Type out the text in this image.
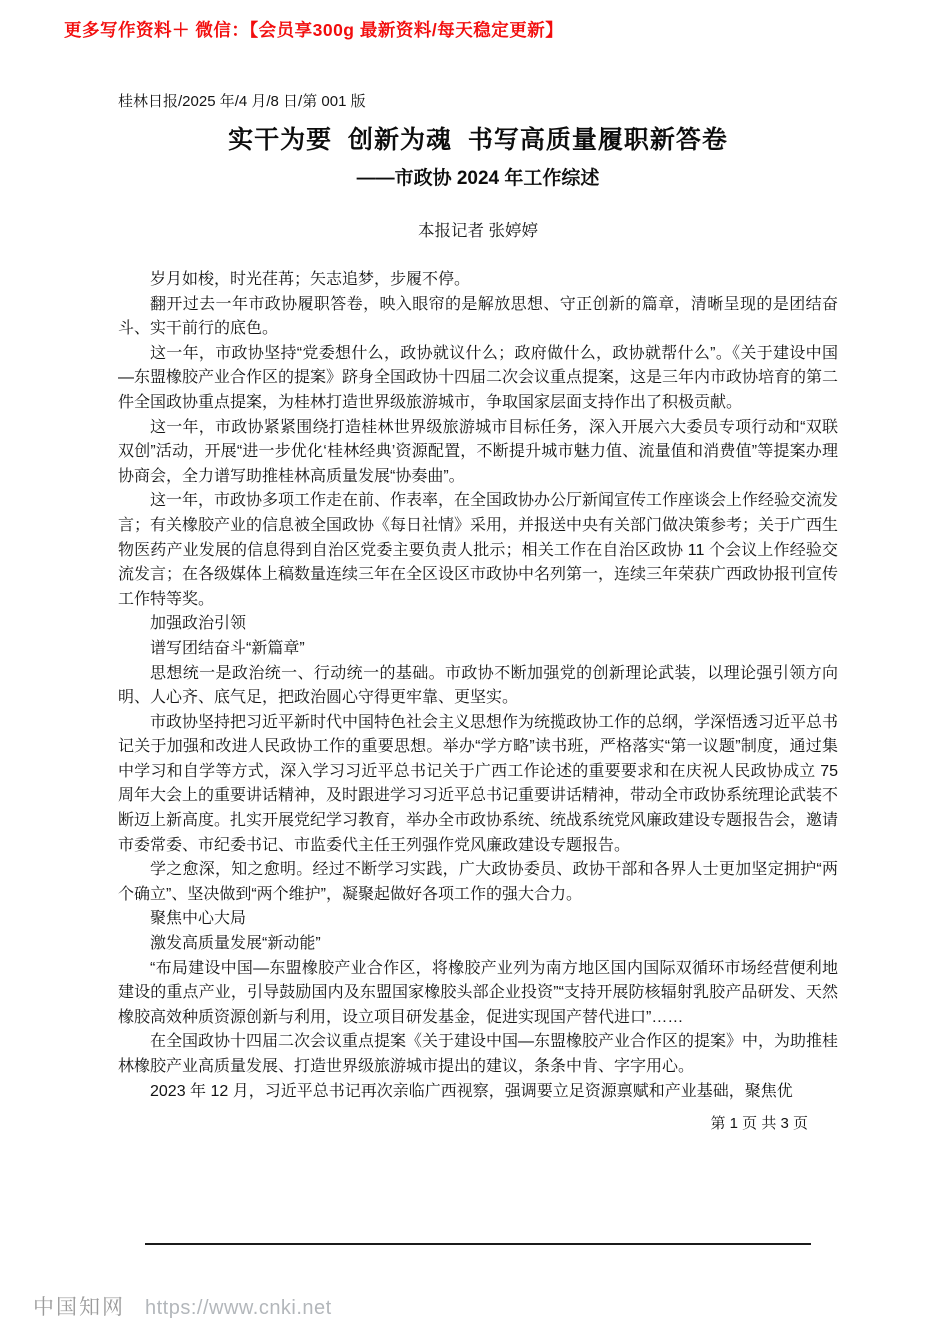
更多写作资料＋ 微信：【会员享300g 最新资料/每天稳定更新】
桂林日报/2025 年/4 月/8 日/第 001 版
实干为要  创新为魂  书写高质量履职新答卷
——市政协 2024 年工作综述
本报记者 张婷婷

岁月如梭，时光荏苒；矢志追梦，步履不停。

翻开过去一年市政协履职答卷，映入眼帘的是解放思想、守正创新的篇章，清晰呈现的是团结奋斗、实干前行的底色。

这一年，市政协坚持“党委想什么，政协就议什么；政府做什么，政协就帮什么”。《关于建设中国—东盟橡胶产业合作区的提案》跻身全国政协十四届二次会议重点提案，这是三年内市政协培育的第二件全国政协重点提案，为桂林打造世界级旅游城市，争取国家层面支持作出了积极贡献。

这一年，市政协紧紧围绕打造桂林世界级旅游城市目标任务，深入开展六大委员专项行动和“双联双创”活动，开展“进一步优化‘桂林经典’资源配置，不断提升城市魅力值、流量值和消费值”等提案办理协商会，全力谱写助推桂林高质量发展“协奏曲”。

这一年，市政协多项工作走在前、作表率，在全国政协办公厅新闻宣传工作座谈会上作经验交流发言；有关橡胶产业的信息被全国政协《每日社情》采用，并报送中央有关部门做决策参考；关于广西生物医药产业发展的信息得到自治区党委主要负责人批示；相关工作在自治区政协 11 个会议上作经验交流发言；在各级媒体上稿数量连续三年在全区设区市政协中名列第一，连续三年荣获广西政协报刊宣传工作特等奖。

加强政治引领

谱写团结奋斗“新篇章”

思想统一是政治统一、行动统一的基础。市政协不断加强党的创新理论武装，以理论强引领方向明、人心齐、底气足，把政治圆心守得更牢靠、更坚实。

市政协坚持把习近平新时代中国特色社会主义思想作为统揽政协工作的总纲，学深悟透习近平总书记关于加强和改进人民政协工作的重要思想。举办“学方略”读书班，严格落实“第一议题”制度，通过集中学习和自学等方式，深入学习习近平总书记关于广西工作论述的重要要求和在庆祝人民政协成立 75 周年大会上的重要讲话精神，及时跟进学习习近平总书记重要讲话精神，带动全市政协系统理论武装不断迈上新高度。扎实开展党纪学习教育，举办全市政协系统、统战系统党风廉政建设专题报告会，邀请市委常委、市纪委书记、市监委代主任王列强作党风廉政建设专题报告。

学之愈深，知之愈明。经过不断学习实践，广大政协委员、政协干部和各界人士更加坚定拥护“两个确立”、坚决做到“两个维护”，凝聚起做好各项工作的强大合力。

聚焦中心大局

激发高质量发展“新动能”

“布局建设中国—东盟橡胶产业合作区，将橡胶产业列为南方地区国内国际双循环市场经营便利地建设的重点产业，引导鼓励国内及东盟国家橡胶头部企业投资”“支持开展防核辐射乳胶产品研发、天然橡胶高效种质资源创新与利用，设立项目研发基金，促进实现国产替代进口”……

在全国政协十四届二次会议重点提案《关于建设中国—东盟橡胶产业合作区的提案》中，为助推桂林橡胶产业高质量发展、打造世界级旅游城市提出的建议，条条中肯、字字用心。

2023 年 12 月，习近平总书记再次亲临广西视察，强调要立足资源禀赋和产业基础，聚焦优

第 1 页 共 3 页
中国知网 https://www.cnki.net
